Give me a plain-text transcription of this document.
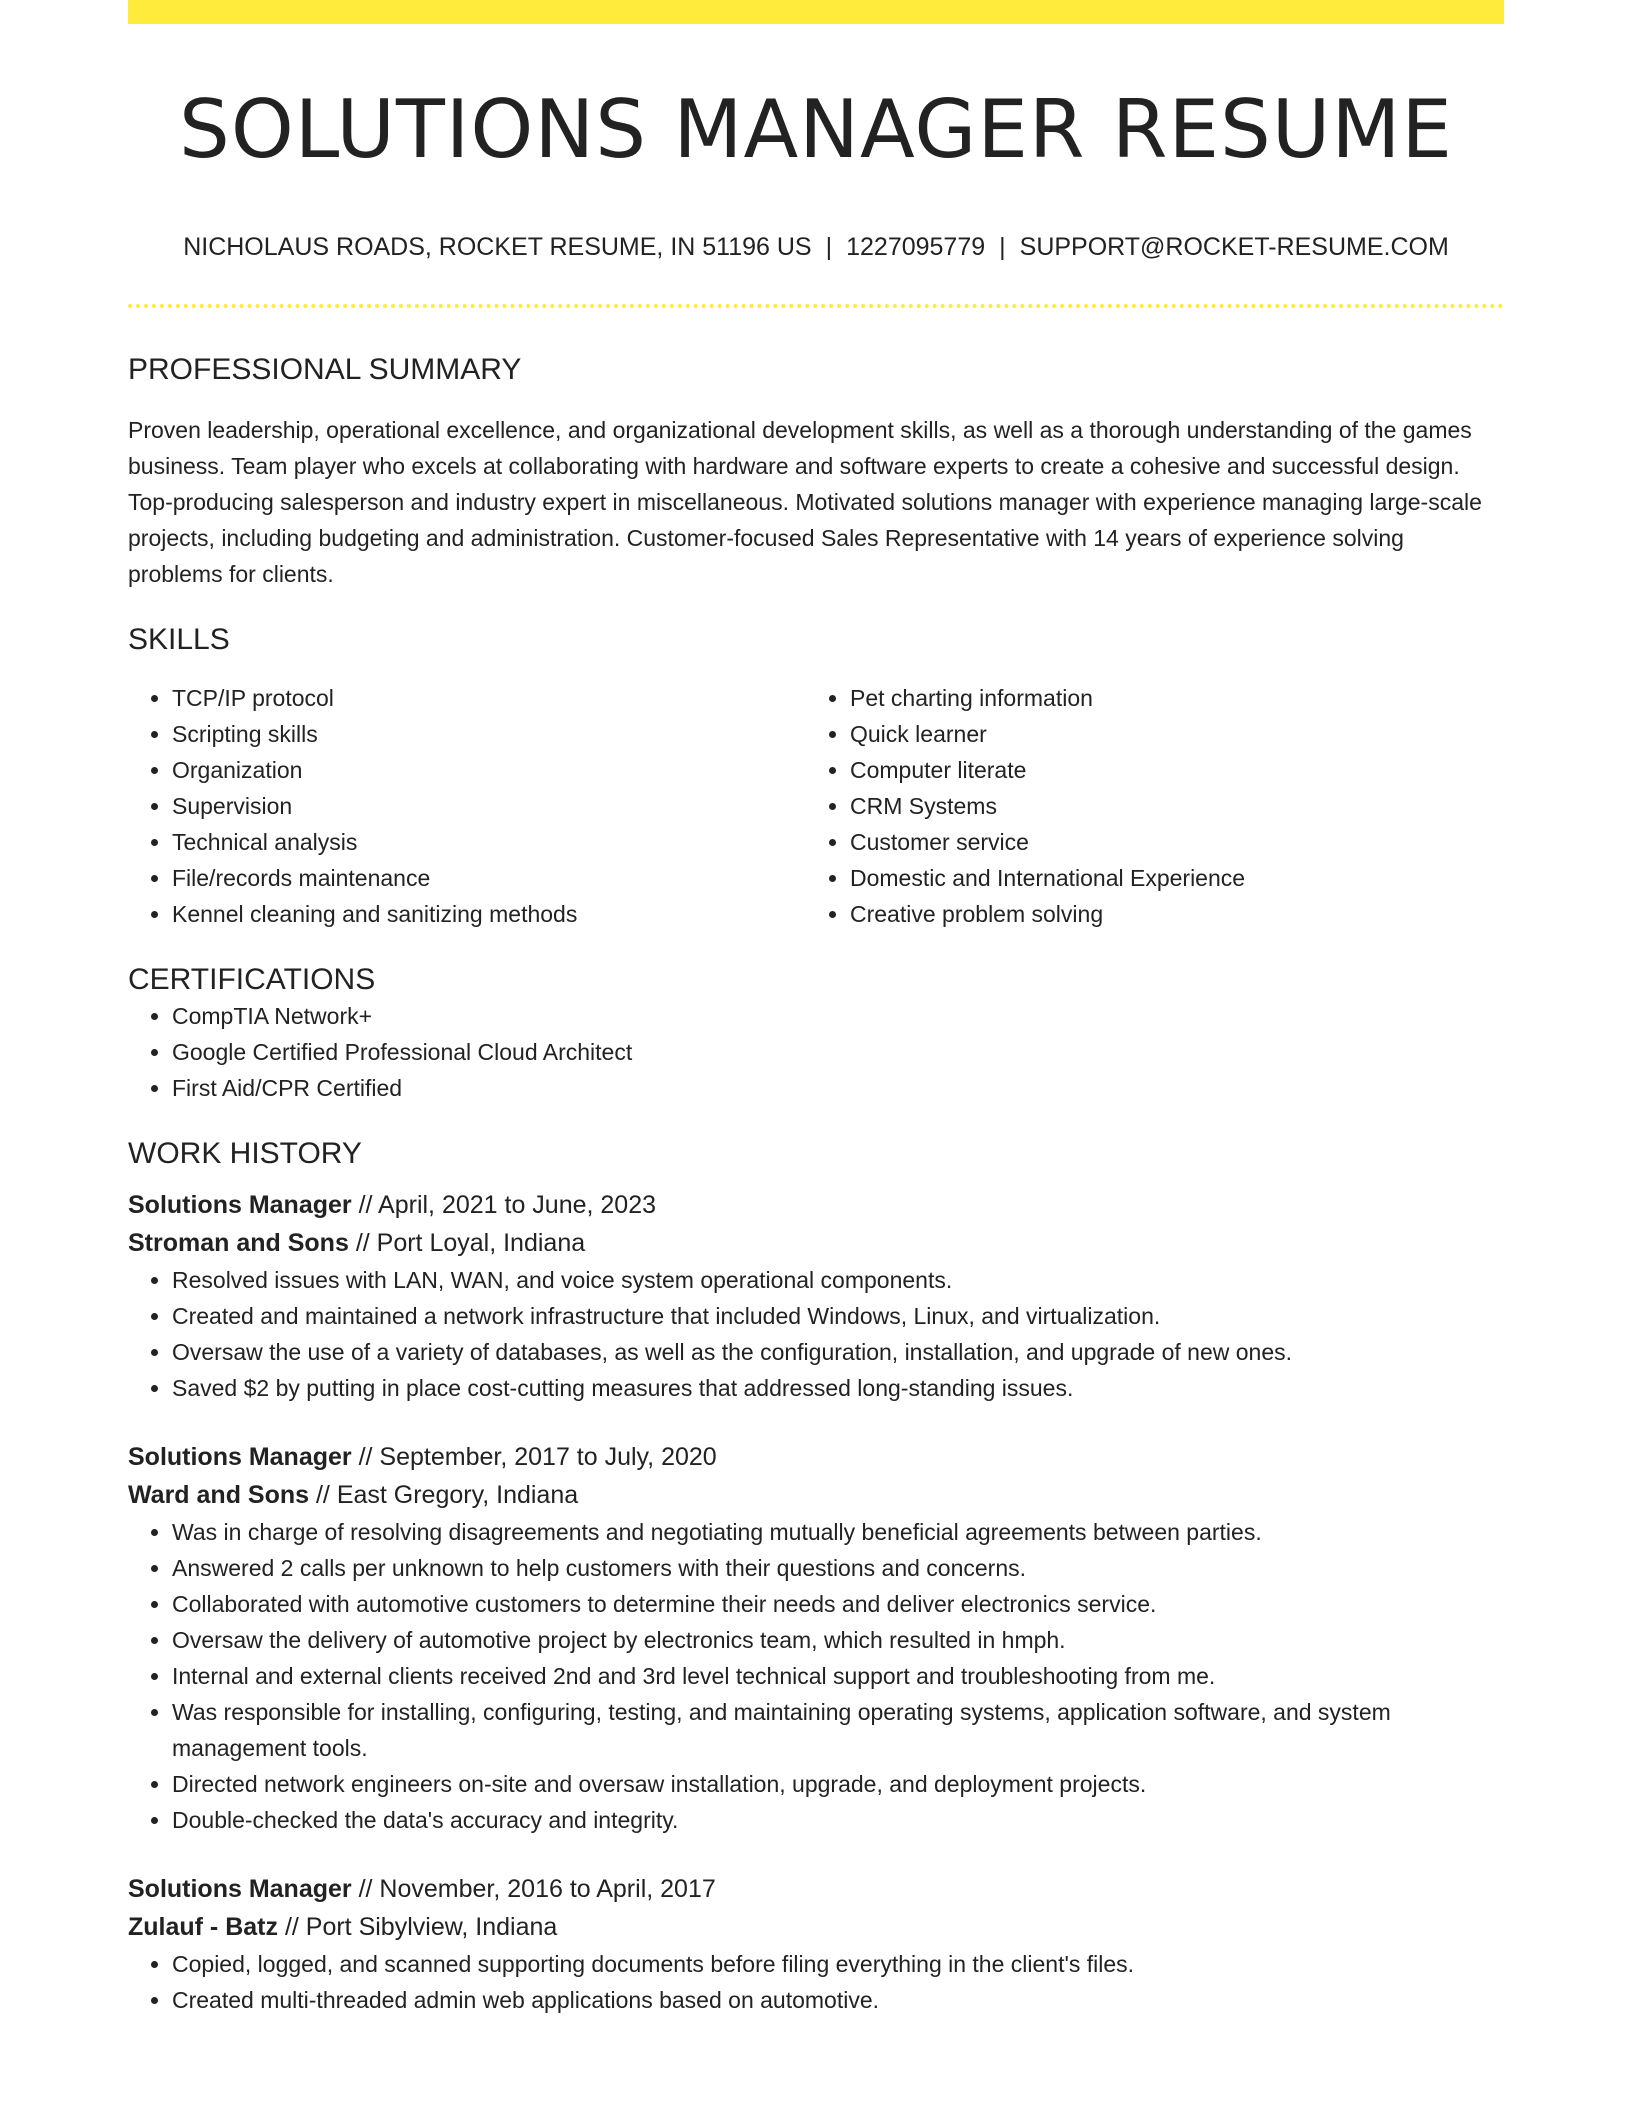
SOLUTIONS MANAGER RESUME
NICHOLAUS ROADS, ROCKET RESUME, IN 51196 US | 1227095779 | SUPPORT@ROCKET-RESUME.COM
PROFESSIONAL SUMMARY

Proven leadership, operational excellence, and organizational development skills, as well as a thorough understanding of the games business. Team player who excels at collaborating with hardware and software experts to create a cohesive and successful design. Top-producing salesperson and industry expert in miscellaneous. Motivated solutions manager with experience managing large-scale projects, including budgeting and administration. Customer-focused Sales Representative with 14 years of experience solving problems for clients.

SKILLS
• TCP/IP protocol
• Scripting skills
• Organization
• Supervision
• Technical analysis
• File/records maintenance
• Kennel cleaning and sanitizing methods
• Pet charting information
• Quick learner
• Computer literate
• CRM Systems
• Customer service
• Domestic and International Experience
• Creative problem solving
CERTIFICATIONS
• CompTIA Network+
• Google Certified Professional Cloud Architect
• First Aid/CPR Certified
WORK HISTORY
Solutions Manager // April, 2021 to June, 2023
Stroman and Sons // Port Loyal, Indiana
• Resolved issues with LAN, WAN, and voice system operational components.
• Created and maintained a network infrastructure that included Windows, Linux, and virtualization.
• Oversaw the use of a variety of databases, as well as the configuration, installation, and upgrade of new ones.
• Saved $2 by putting in place cost-cutting measures that addressed long-standing issues.
Solutions Manager // September, 2017 to July, 2020
Ward and Sons // East Gregory, Indiana
• Was in charge of resolving disagreements and negotiating mutually beneficial agreements between parties.
• Answered 2 calls per unknown to help customers with their questions and concerns.
• Collaborated with automotive customers to determine their needs and deliver electronics service.
• Oversaw the delivery of automotive project by electronics team, which resulted in hmph.
• Internal and external clients received 2nd and 3rd level technical support and troubleshooting from me.
• Was responsible for installing, configuring, testing, and maintaining operating systems, application software, and system management tools.
• Directed network engineers on-site and oversaw installation, upgrade, and deployment projects.
• Double-checked the data's accuracy and integrity.
Solutions Manager // November, 2016 to April, 2017
Zulauf - Batz // Port Sibylview, Indiana
• Copied, logged, and scanned supporting documents before filing everything in the client's files.
• Created multi-threaded admin web applications based on automotive.
